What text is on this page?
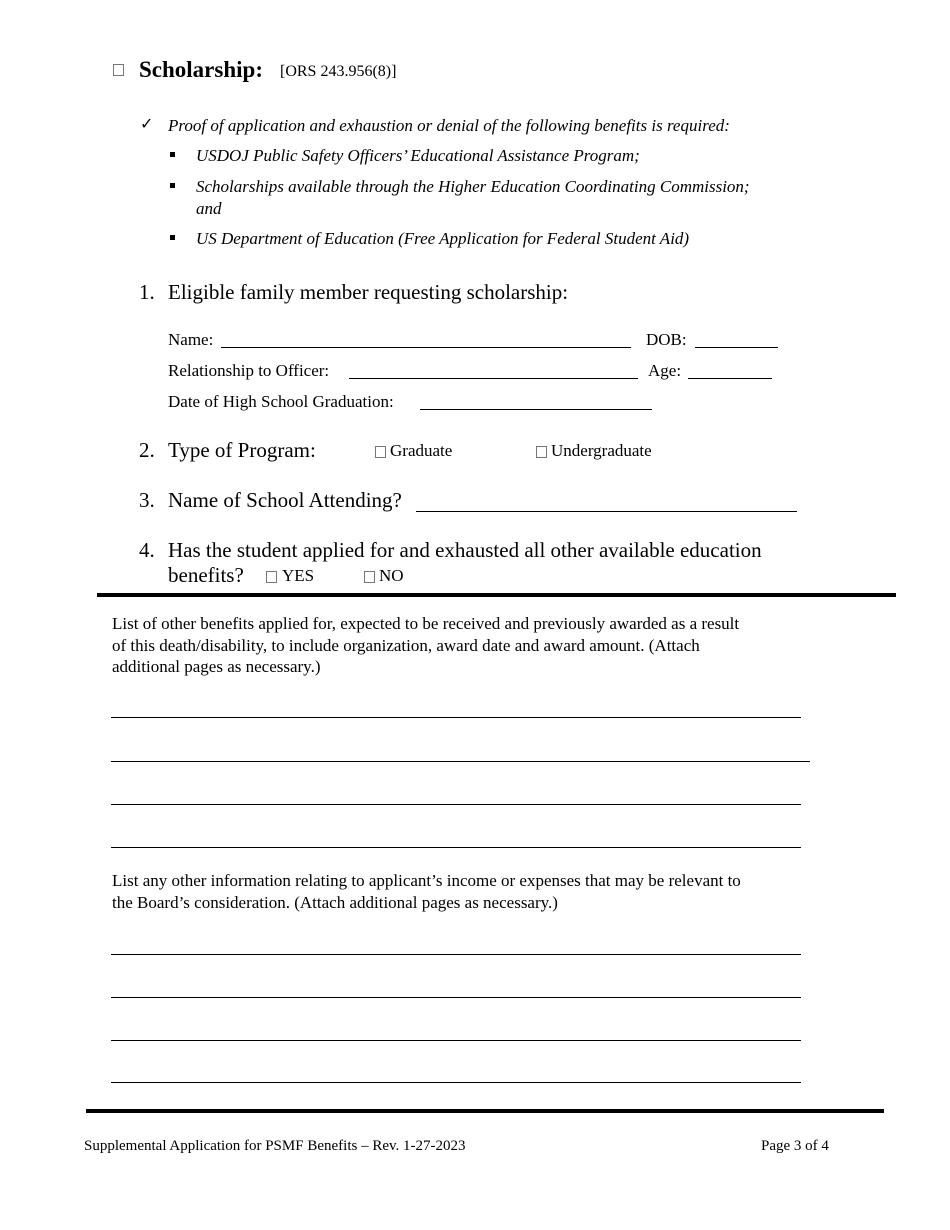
Scholarship: [ORS 243.956(8)]
✓ Proof of application and exhaustion or denial of the following benefits is required:
USDOJ Public Safety Officers’ Educational Assistance Program;
Scholarships available through the Higher Education Coordinating Commission;
and
US Department of Education (Free Application for Federal Student Aid)
1. Eligible family member requesting scholarship:
Name:	DOB:
Relationship to Officer:	Age:
Date of High School Graduation:
2. Type of Program:	Graduate	Undergraduate
3. Name of School Attending?
4. Has the student applied for and exhausted all other available education
benefits? YES	NO
List of other benefits applied for, expected to be received and previously awarded as a result
of this death/disability, to include organization, award date and award amount. (Attach
additional pages as necessary.)
List any other information relating to applicant’s income or expenses that may be relevant to
the Board’s consideration. (Attach additional pages as necessary.)
Supplemental Application for PSMF Benefits – Rev. 1-27-2023	Page 3 of 4
